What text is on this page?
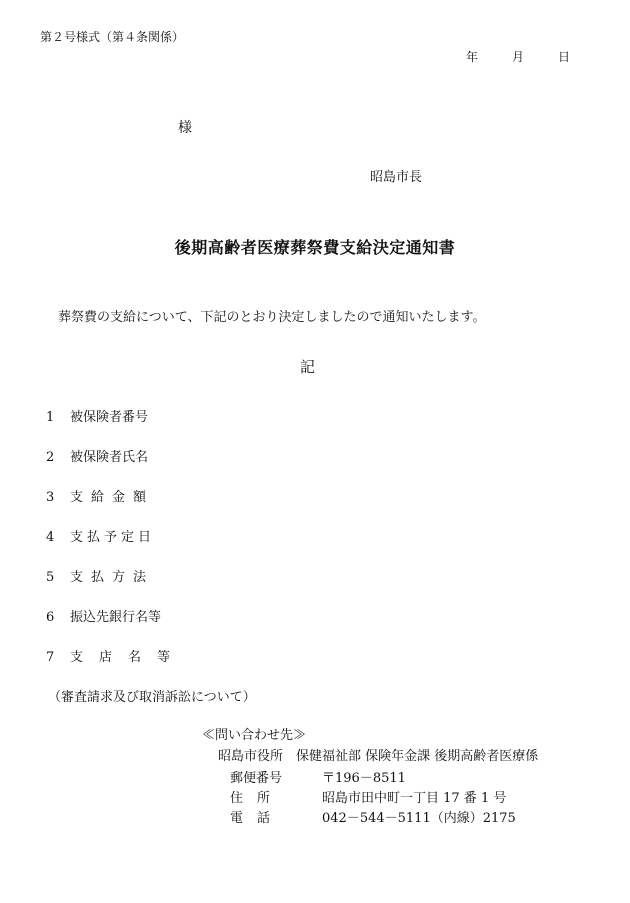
第２号様式（第４条関係）
年	月	日
様
昭島市長
後期高齢者医療葬祭費支給決定通知書
葬祭費の支給について、下記のとおり決定しましたので通知いたします。
記
1 被保険者番号
2 被保険者氏名
3 支給金額
4 支払予定日
5 支払方法
6 振込先銀行名等
7 支店名等
（審査請求及び取消訴訟について）
≪問い合わせ先≫
昭島市役所　保健福祉部 保険年金課 後期高齢者医療係
郵便番号	〒196－8511
住所	昭島市田中町一丁目 17 番 1 号
電話	042－544－5111（内線）2175
